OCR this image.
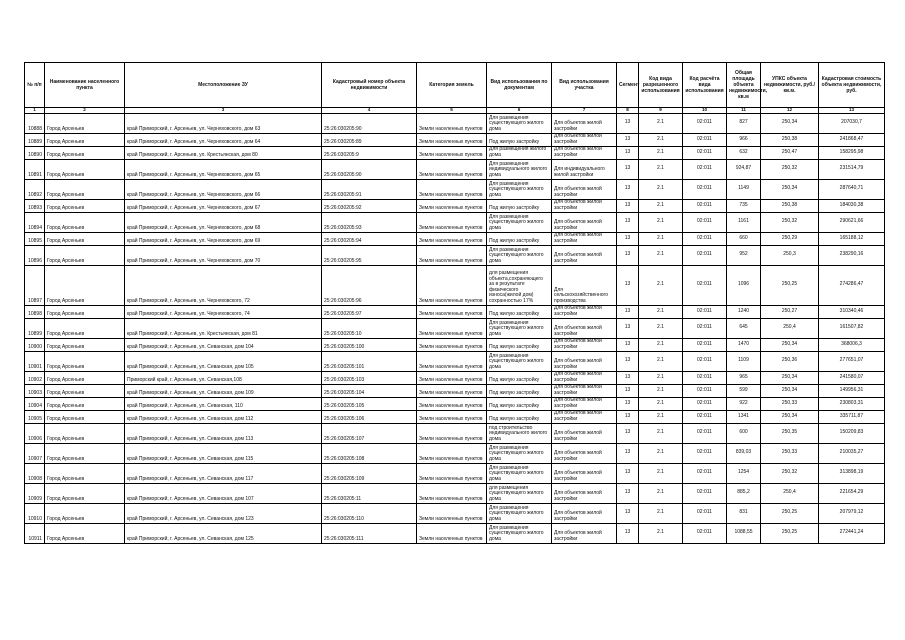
№ п/п	Наименование населенного пункта	Местоположение ЗУ	Кадастровый номер объекта недвижимости	Категория земель	Вид использования по документам	Вид использования участка	Сегмент	Код вида разрешенного использования	Код расчёта вида использования	Общая площадь объекта недвижимости, кв.м	УПКС объекта недвижимости, руб./кв.м.	Кадастровая стоимость объекта недвижимости, руб.
1	2	3	4	5	6	7	8	9	10	11	12	13
10888	Город Арсеньев	край Приморский, г. Арсеньев, ул. Черняховского, дом 63	25:26:030205:90	Земли населенных пунктов	Для размещения существующего жилого дома	Для объектов жилой застройки	13	2.1	02:011	827	250,34	207030,7
10889	Город Арсеньев	край Приморский, г. Арсеньев, ул. Черняховского, дом 64	25:26:030205:89	Земли населенных пунктов	Под жилую застройку	Для объектов жилой застройки	13	2.1	02:011	966	250,38	241868,47
10890	Город Арсеньев	край Приморский, г. Арсеньев, ул. Крестьянская, дом 80	25:26:030205:9	Земли населенных пунктов	Для размещения жилого дома	Для объектов жилой застройки	13	2.1	02:011	632	250,47	158295,98
10891	Город Арсеньев	край Приморский, г. Арсеньев, ул. Черняховского, дом 65	25:26:030205:90	Земли населенных пунктов	Для размещения индивидуального жилого дома	Для индивидуального жилой застройки	13	2.1	02:011	924,87	250,32	231514,79
10892	Город Арсеньев	край Приморский, г. Арсеньев, ул. Черняховского, дом 66	25:26:030205:91	Земли населенных пунктов	Для размещения существующего жилого дома	Для объектов жилой застройки	13	2.1	02:011	1149	250,34	287640,71
10893	Город Арсеньев	край Приморский, г. Арсеньев, ул. Черняховского, дом 67	25:26:030205:92	Земли населенных пунктов	Под жилую застройку	Для объектов жилой застройки	13	2.1	02:011	735	250,38	184030,38
10894	Город Арсеньев	край Приморский, г. Арсеньев, ул. Черняховского, дом 68	25:26:030205:93	Земли населенных пунктов	Для размещения существующего жилого дома	Для объектов жилой застройки	13	2.1	02:011	1161	250,32	290621,66
10895	Город Арсеньев	край Приморский, г. Арсеньев, ул. Черняховского, дом 69	25:26:030205:94	Земли населенных пунктов	Под жилую застройку	Для объектов жилой застройки	13	2.1	02:011	660	250,29	165188,12
10896	Город Арсеньев	край Приморский, г. Арсеньев, ул. Черняховского, дом 70	25:26:030205:95	Земли населенных пунктов	Для размещения существующего жилого дома	Для объектов жилой застройки	13	2.1	02:011	952	250,3	238290,16
10897	Город Арсеньев	край Приморский, г. Арсеньев, ул. Черняховского, 72	25:26:030205:96	Земли населенных пунктов	для размещения объекта,сохраняющего за в результате физического износа(жилой дом) сохранностью 17%	Для сельскохозяйственного производства	13	2.1	02:011	1096	250,25	274286,47
10898	Город Арсеньев	край Приморский, г. Арсеньев, ул. Черняховского, 74	25:26:030205:97	Земли населенных пунктов	Под жилую застройку	Для объектов жилой застройки	13	2.1	02:011	1240	250,27	310340,46
10899	Город Арсеньев	край Приморский, г. Арсеньев, ул. Крестьянская, дом 81	25:26:030205:10	Земли населенных пунктов	Для размещения существующего жилого дома	Для объектов жилой застройки	13	2.1	02:011	645	250,4	161507,82
10900	Город Арсеньев	край Приморский, г. Арсеньев, ул. Севанская, дом 104	25:26:030205:100	Земли населенных пунктов	Под жилую застройку	Для объектов жилой застройки	13	2.1	02:011	1470	250,34	368006,3
10901	Город Арсеньев	край Приморский, г. Арсеньев, ул. Севанская, дом 105	25:26:030205:101	Земли населенных пунктов	Для размещения существующего жилого дома	Для объектов жилой застройки	13	2.1	02:011	1109	250,36	277651,07
10902	Город Арсеньев	Приморский край, г. Арсеньев, ул. Севанская,108	25:26:030205:103	Земли населенных пунктов	Под жилую застройку	Для объектов жилой застройки	13	2.1	02:011	965	250,34	241580,07
10903	Город Арсеньев	край Приморский, г. Арсеньев, ул. Севанская, дом 109	25:26:030205:104	Земли населенных пунктов	Под жилую застройку	Для объектов жилой застройки	13	2.1	02:011	599	250,34	149956,31
10904	Город Арсеньев	край Приморский, г. Арсеньев, ул. Севанская, 110	25:26:030205:105	Земли населенных пунктов	Под жилую застройку	Для объектов жилой застройки	13	2.1	02:011	922	250,33	230803,31
10905	Город Арсеньев	край Приморский, г. Арсеньев, ул. Севанская, дом 112	25:26:030205:106	Земли населенных пунктов	Под жилую застройку	Для объектов жилой застройки	13	2.1	02:011	1341	250,34	335711,87
10906	Город Арсеньев	край Приморский, г. Арсеньев, ул. Севанская, дом 113	25:26:030205:107	Земли населенных пунктов	под строительство индивидуального жилого дома	Для объектов жилой застройки	13	2.1	02:011	600	250,35	150209,83
10907	Город Арсеньев	край Приморский, г. Арсеньев, ул. Севанская, дом 115	25:26:030205:108	Земли населенных пунктов	Для размещения существующего жилого дома	Для объектов жилой застройки	13	2.1	02:011	839,03	250,33	210035,27
10908	Город Арсеньев	край Приморский, г. Арсеньев, ул. Севанская, дом 117	25:26:030205:109	Земли населенных пунктов	Для размещения существующего жилого дома	Для объектов жилой застройки	13	2.1	02:011	1254	250,32	313898,19
10909	Город Арсеньев	край Приморский, г. Арсеньев, ул. Севанская, дом 107	25:26:030205:11	Земли населенных пунктов	для размещения существующего жилого дома	Для объектов жилой застройки	13	2.1	02:011	885,2	250,4	221654,29
10910	Город Арсеньев	край Приморский, г. Арсеньев, ул. Севанская, дом 123	25:26:030205:110	Земли населенных пунктов	Для размещения существующего жилого дома	Для объектов жилой застройки	13	2.1	02:011	831	250,25	207979,12
10911	Город Арсеньев	край Приморский, г. Арсеньев, ул. Севанская, дом 125	25:26:030205:111	Земли населенных пунктов	Для размещения существующего жилого дома	Для объектов жилой застройки	13	2.1	02:011	1088,55	250,25	272441,24
